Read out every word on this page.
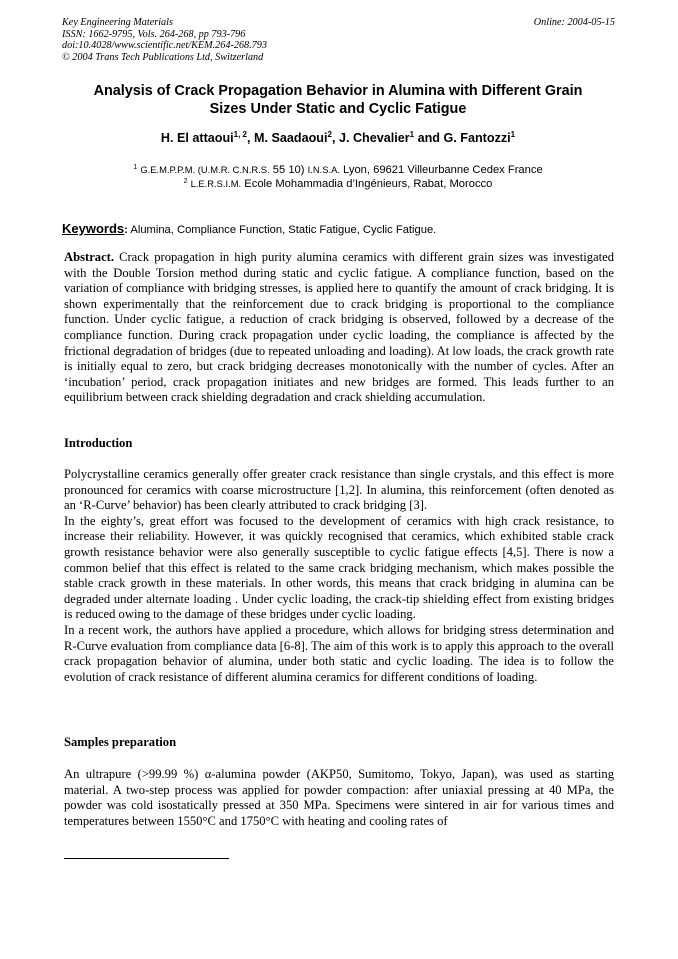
Key Engineering Materials
ISSN: 1662-9795, Vols. 264-268, pp 793-796
doi:10.4028/www.scientific.net/KEM.264-268.793
© 2004 Trans Tech Publications Ltd, Switzerland
Online: 2004-05-15
Analysis of Crack Propagation Behavior in Alumina with Different Grain
Sizes Under Static and Cyclic Fatigue
H. El attaoui$^{1, 2}$, M. Saadaoui$^2$, J. Chevalier$^1$ and G. Fantozzi$^1$
$^1$ G.E.M.P.P.M. (U.M.R. C.N.R.S. 55 10) I.N.S.A. Lyon, 69621 Villeurbanne Cedex France
$^2$ L.E.R.S.I.M. Ecole Mohammadia d’Ingénieurs, Rabat, Morocco
Keywords: Alumina, Compliance Function, Static Fatigue, Cyclic Fatigue.

Abstract. Crack propagation in high purity alumina ceramics with different grain sizes was investigated with the Double Torsion method during static and cyclic fatigue. A compliance function, based on the variation of compliance with bridging stresses, is applied here to quantify the amount of crack bridging. It is shown experimentally that the reinforcement due to crack bridging is proportional to the compliance function. Under cyclic fatigue, a reduction of crack bridging is observed, followed by a decrease of the compliance function. During crack propagation under cyclic loading, the compliance is affected by the frictional degradation of bridges (due to repeated unloading and loading). At low loads, the crack growth rate is initially equal to zero, but crack bridging decreases monotonically with the number of cycles. After an ‘incubation’ period, crack propagation initiates and new bridges are formed. This leads further to an equilibrium between crack shielding degradation and crack shielding accumulation.

Introduction

Polycrystalline ceramics generally offer greater crack resistance than single crystals, and this effect is more pronounced for ceramics with coarse microstructure [1,2]. In alumina, this reinforcement (often denoted as an ‘R-Curve’ behavior) has been clearly attributed to crack bridging [3].

In the eighty’s, great effort was focused to the development of ceramics with high crack resistance, to increase their reliability. However, it was quickly recognised that ceramics, which exhibited stable crack growth resistance behavior were also generally susceptible to cyclic fatigue effects [4,5]. There is now a common belief that this effect is related to the same crack bridging mechanism, which makes possible the stable crack growth in these materials. In other words, this means that crack bridging in alumina can be degraded under alternate loading . Under cyclic loading, the crack-tip shielding effect from existing bridges is reduced owing to the damage of these bridges under cyclic loading.

In a recent work, the authors have applied a procedure, which allows for bridging stress determination and R-Curve evaluation from compliance data [6-8]. The aim of this work is to apply this approach to the overall crack propagation behavior of alumina, under both static and cyclic loading. The idea is to follow the evolution of crack resistance of different alumina ceramics for different conditions of loading.

Samples preparation

An ultrapure (>99.99 %) α-alumina powder (AKP50, Sumitomo, Tokyo, Japan), was used as starting material. A two-step process was applied for powder compaction: after uniaxial pressing at 40 MPa, the powder was cold isostatically pressed at 350 MPa. Specimens were sintered in air for various times and temperatures between 1550°C and 1750°C with heating and cooling rates of
